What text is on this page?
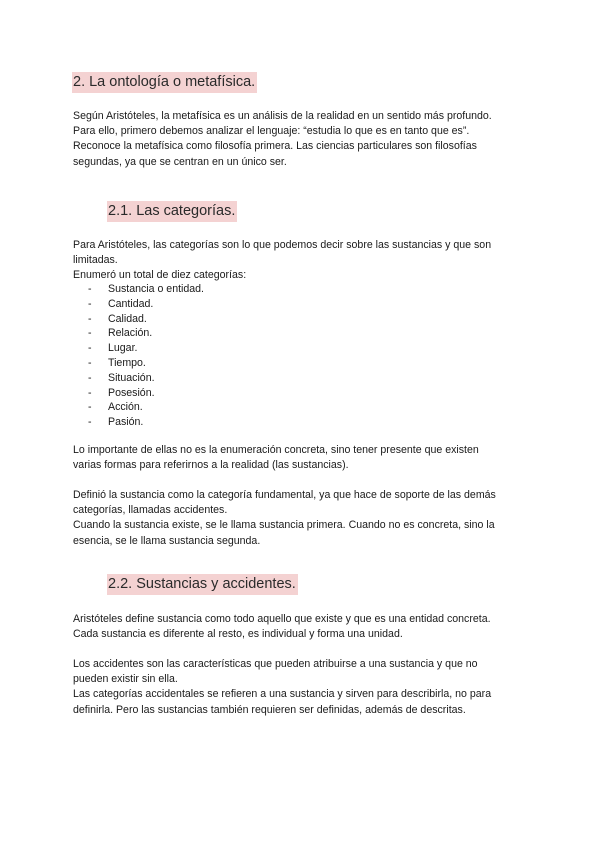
2. La ontología o metafísica.

Según Aristóteles, la metafísica es un análisis de la realidad en un sentido más profundo.
Para ello, primero debemos analizar el lenguaje: “estudia lo que es en tanto que es”.
Reconoce la metafísica como filosofía primera. Las ciencias particulares son filosofías
segundas, ya que se centran en un único ser.

2.1. Las categorías.

Para Aristóteles, las categorías son lo que podemos decir sobre las sustancias y que son
limitadas.
Enumeró un total de diez categorías:

-	Sustancia o entidad.
-	Cantidad.
-	Calidad.
-	Relación.
-	Lugar.
-	Tiempo.
-	Situación.
-	Posesión.
-	Acción.
-	Pasión.

Lo importante de ellas no es la enumeración concreta, sino tener presente que existen
varias formas para referirnos a la realidad (las sustancias).

Definió la sustancia como la categoría fundamental, ya que hace de soporte de las demás
categorías, llamadas accidentes.
Cuando la sustancia existe, se le llama sustancia primera. Cuando no es concreta, sino la
esencia, se le llama sustancia segunda.

2.2. Sustancias y accidentes.

Aristóteles define sustancia como todo aquello que existe y que es una entidad concreta.
Cada sustancia es diferente al resto, es individual y forma una unidad.

Los accidentes son las características que pueden atribuirse a una sustancia y que no
pueden existir sin ella.
Las categorías accidentales se refieren a una sustancia y sirven para describirla, no para
definirla. Pero las sustancias también requieren ser definidas, además de descritas.
